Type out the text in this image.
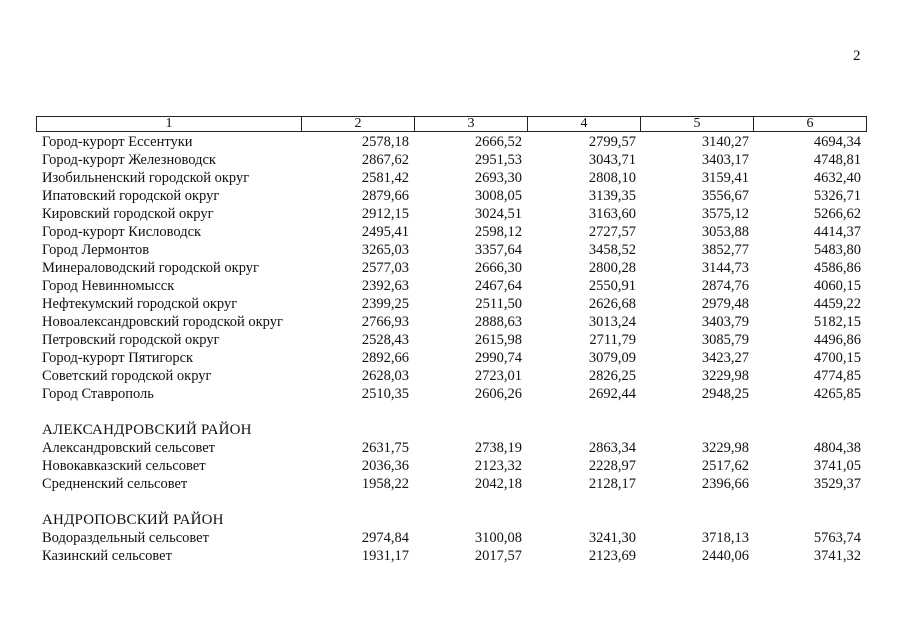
2
1	2	3	4	5	6
Город-курорт Ессентуки	2578,18	2666,52	2799,57	3140,27	4694,34
Город-курорт Железноводск	2867,62	2951,53	3043,71	3403,17	4748,81
Изобильненский городской округ	2581,42	2693,30	2808,10	3159,41	4632,40
Ипатовский городской округ	2879,66	3008,05	3139,35	3556,67	5326,71
Кировский городской округ	2912,15	3024,51	3163,60	3575,12	5266,62
Город-курорт Кисловодск	2495,41	2598,12	2727,57	3053,88	4414,37
Город Лермонтов	3265,03	3357,64	3458,52	3852,77	5483,80
Минераловодский городской округ	2577,03	2666,30	2800,28	3144,73	4586,86
Город Невинномысск	2392,63	2467,64	2550,91	2874,76	4060,15
Нефтекумский городской округ	2399,25	2511,50	2626,68	2979,48	4459,22
Новоалександровский городской округ	2766,93	2888,63	3013,24	3403,79	5182,15
Петровский городской округ	2528,43	2615,98	2711,79	3085,79	4496,86
Город-курорт Пятигорск	2892,66	2990,74	3079,09	3423,27	4700,15
Советский городской округ	2628,03	2723,01	2826,25	3229,98	4774,85
Город Ставрополь	2510,35	2606,26	2692,44	2948,25	4265,85
АЛЕКСАНДРОВСКИЙ РАЙОН
Александровский сельсовет	2631,75	2738,19	2863,34	3229,98	4804,38
Новокавказский сельсовет	2036,36	2123,32	2228,97	2517,62	3741,05
Средненский сельсовет	1958,22	2042,18	2128,17	2396,66	3529,37
АНДРОПОВСКИЙ РАЙОН
Водораздельный сельсовет	2974,84	3100,08	3241,30	3718,13	5763,74
Казинский сельсовет	1931,17	2017,57	2123,69	2440,06	3741,32
